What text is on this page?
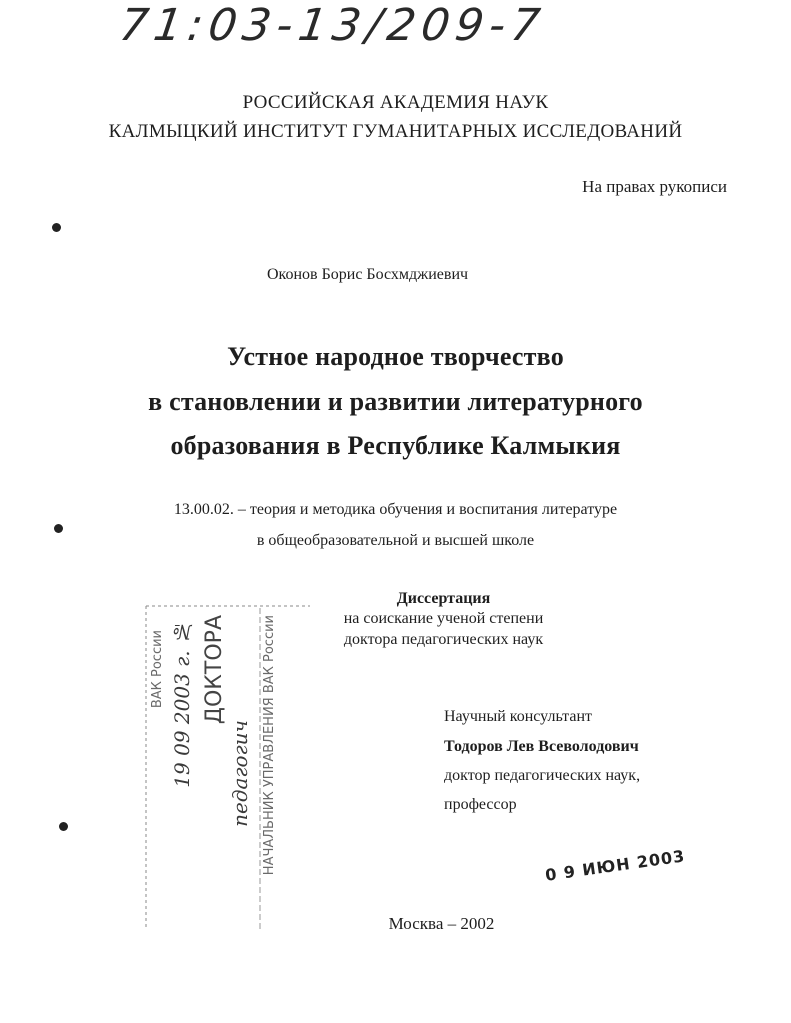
71:03-13/209-7
РОССИЙСКАЯ АКАДЕМИЯ НАУК
КАЛМЫЦКИЙ ИНСТИТУТ ГУМАНИТАРНЫХ ИССЛЕДОВАНИЙ
На правах рукописи
Оконов Борис Босхмджиевич
Устное народное творчество
в становлении и развитии литературного
образования в Республике Калмыкия
13.00.02. – теория и методика обучения и воспитания литературе
в общеобразовательной и высшей школе
Диссертация
на соискание ученой степени
доктора педагогических наук
Научный консультант
Тодоров Лев Всеволодович
доктор педагогических наук,
профессор
0 9 ИЮН 2003
ВАК России 19 09 2003 г. № ДОКТОРА
педагогич НАЧАЛЬНИК УПРАВЛЕНИЯ ВАК России
Москва – 2002
